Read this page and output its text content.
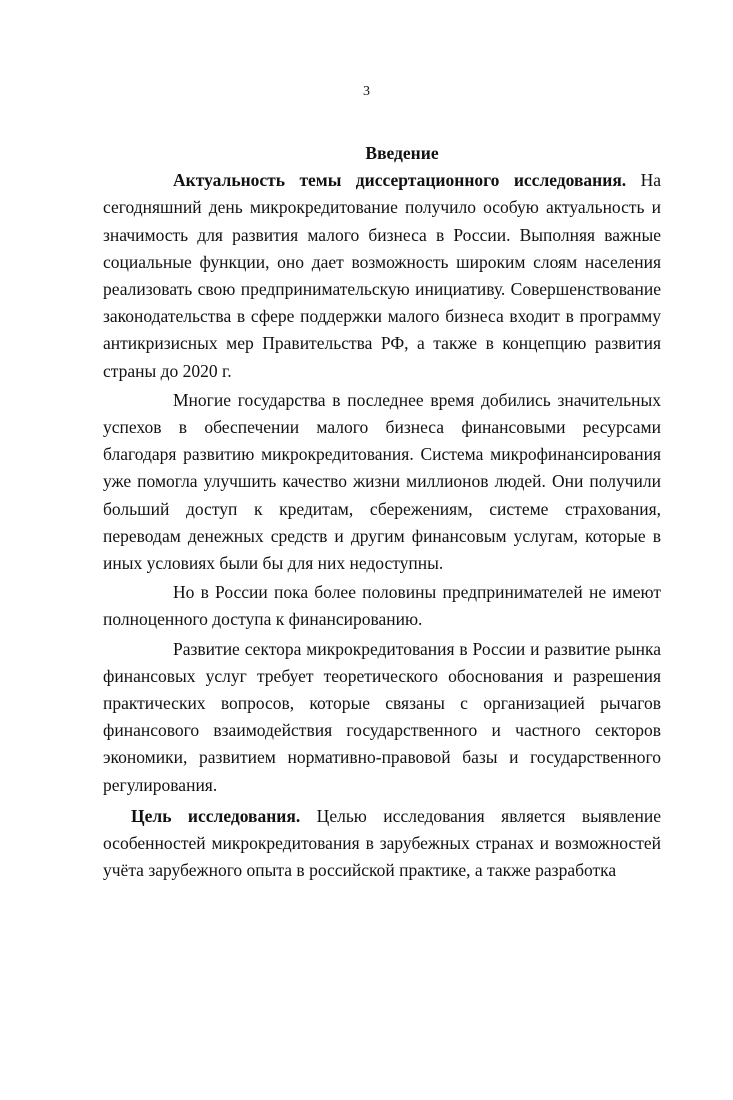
3

Введение

Актуальность темы диссертационного исследования. На сегодняшний день микрокредитование получило особую актуальность и значимость для развития малого бизнеса в России. Выполняя важные социальные функции, оно дает возможность широким слоям населения реализовать свою предпринимательскую инициативу. Совершенствование законодательства в сфере поддержки малого бизнеса входит в программу антикризисных мер Правительства РФ, а также в концепцию развития страны до 2020 г.

Многие государства в последнее время добились значительных успехов в обеспечении малого бизнеса финансовыми ресурсами благодаря развитию микрокредитования. Система микрофинансирования уже помогла улучшить качество жизни миллионов людей. Они получили больший доступ к кредитам, сбережениям, системе страхования, переводам денежных средств и другим финансовым услугам, которые в иных условиях были бы для них недоступны.

Но в России пока более половины предпринимателей не имеют полноценного доступа к финансированию.

Развитие сектора микрокредитования в России и развитие рынка финансовых услуг требует теоретического обоснования и разрешения практических вопросов, которые связаны с организацией рычагов финансового взаимодействия государственного и частного секторов экономики, развитием нормативно-правовой базы и государственного регулирования.

Цель исследования. Целью исследования является выявление особенностей микрокредитования в зарубежных странах и возможностей учёта зарубежного опыта в российской практике, а также разработка
